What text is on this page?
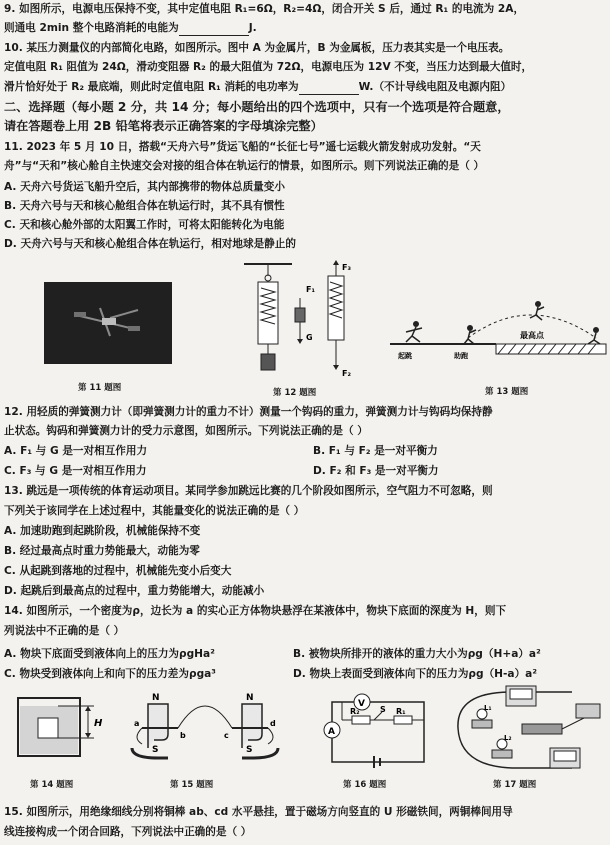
9. 如图所示，电源电压保持不变，其中定值电阻 R₁=6Ω，R₂=4Ω，闭合开关 S 后，通过 R₁ 的电流为 2A，
则通电 2min 整个电路消耗的电能为	J.
10. 某压力测量仪的内部简化电路，如图所示。图中 A 为金属片，B 为金属板，压力表其实是一个电压表。
定值电阻 R₁ 阻值为 24Ω，滑动变阻器 R₂ 的最大阻值为 72Ω，电源电压为 12V 不变，当压力达到最大值时，
滑片恰好处于 R₂ 最底端，则此时定值电阻 R₁ 消耗的电功率为	W.（不计导线电阻及电源内阻）
二、选择题（每小题 2 分，共 14 分；每小题给出的四个选项中，只有一个选项是符合题意，
请在答题卷上用 2B 铅笔将表示正确答案的字母填涂完整）
11. 2023 年 5 月 10 日，搭载“天舟六号”货运飞船的“长征七号”遥七运载火箭发射成功发射。“天
舟”与“天和”核心舱自主快速交会对接的组合体在轨运行的情景，如图所示。则下列说法正确的是（ ）
A. 天舟六号货运飞船升空后，其内部携带的物体总质量变小
B. 天舟六号与天和核心舱组合体在轨运行时，其不具有惯性
C. 天和核心舱外部的太阳翼工作时，可将太阳能转化为电能
D. 天舟六号与天和核心舱组合体在轨运行，相对地球是静止的
第 11 题图
F₁
G
F₃
F₂
第 12 题图
最高点
起跳	助跑
第 13 题图
12. 用轻质的弹簧测力计（即弹簧测力计的重力不计）测量一个钩码的重力，弹簧测力计与钩码均保持静
止状态。钩码和弹簧测力计的受力示意图，如图所示。下列说法正确的是（ ）
A. F₁ 与 G 是一对相互作用力	B. F₁ 与 F₂ 是一对平衡力
C. F₃ 与 G 是一对相互作用力	D. F₂ 和 F₃ 是一对平衡力
13. 跳远是一项传统的体育运动项目。某同学参加跳远比赛的几个阶段如图所示，空气阻力不可忽略，则
下列关于该同学在上述过程中，其能量变化的说法正确的是（ ）
A. 加速助跑到起跳阶段，机械能保持不变
B. 经过最高点时重力势能最大，动能为零
C. 从起跳到落地的过程中，机械能先变小后变大
D. 起跳后到最高点的过程中，重力势能增大，动能减小
14. 如图所示，一个密度为ρ，边长为 a 的实心正方体物块悬浮在某液体中，物块下底面的深度为 H，则下
列说法中不正确的是（ ）
A. 物块下底面受到液体向上的压力为ρgHa²	B. 被物块所排开的液体的重力大小为ρg（H+a）a²
C. 物块受到液体向上和向下的压力差为ρga³	D. 物块上表面受到液体向下的压力为ρg（H-a）a²
H
第 14 题图
N	N
S	S
a
b	c
d
第 15 题图
A
V
R₂	R₁
S
第 16 题图
L₁
L₂
第 17 题图
15. 如图所示，用绝缘细线分别将铜棒 ab、cd 水平悬挂，置于磁场方向竖直的 U 形磁铁间，两铜棒间用导
线连接构成一个闭合回路，下列说法中正确的是（ ）
